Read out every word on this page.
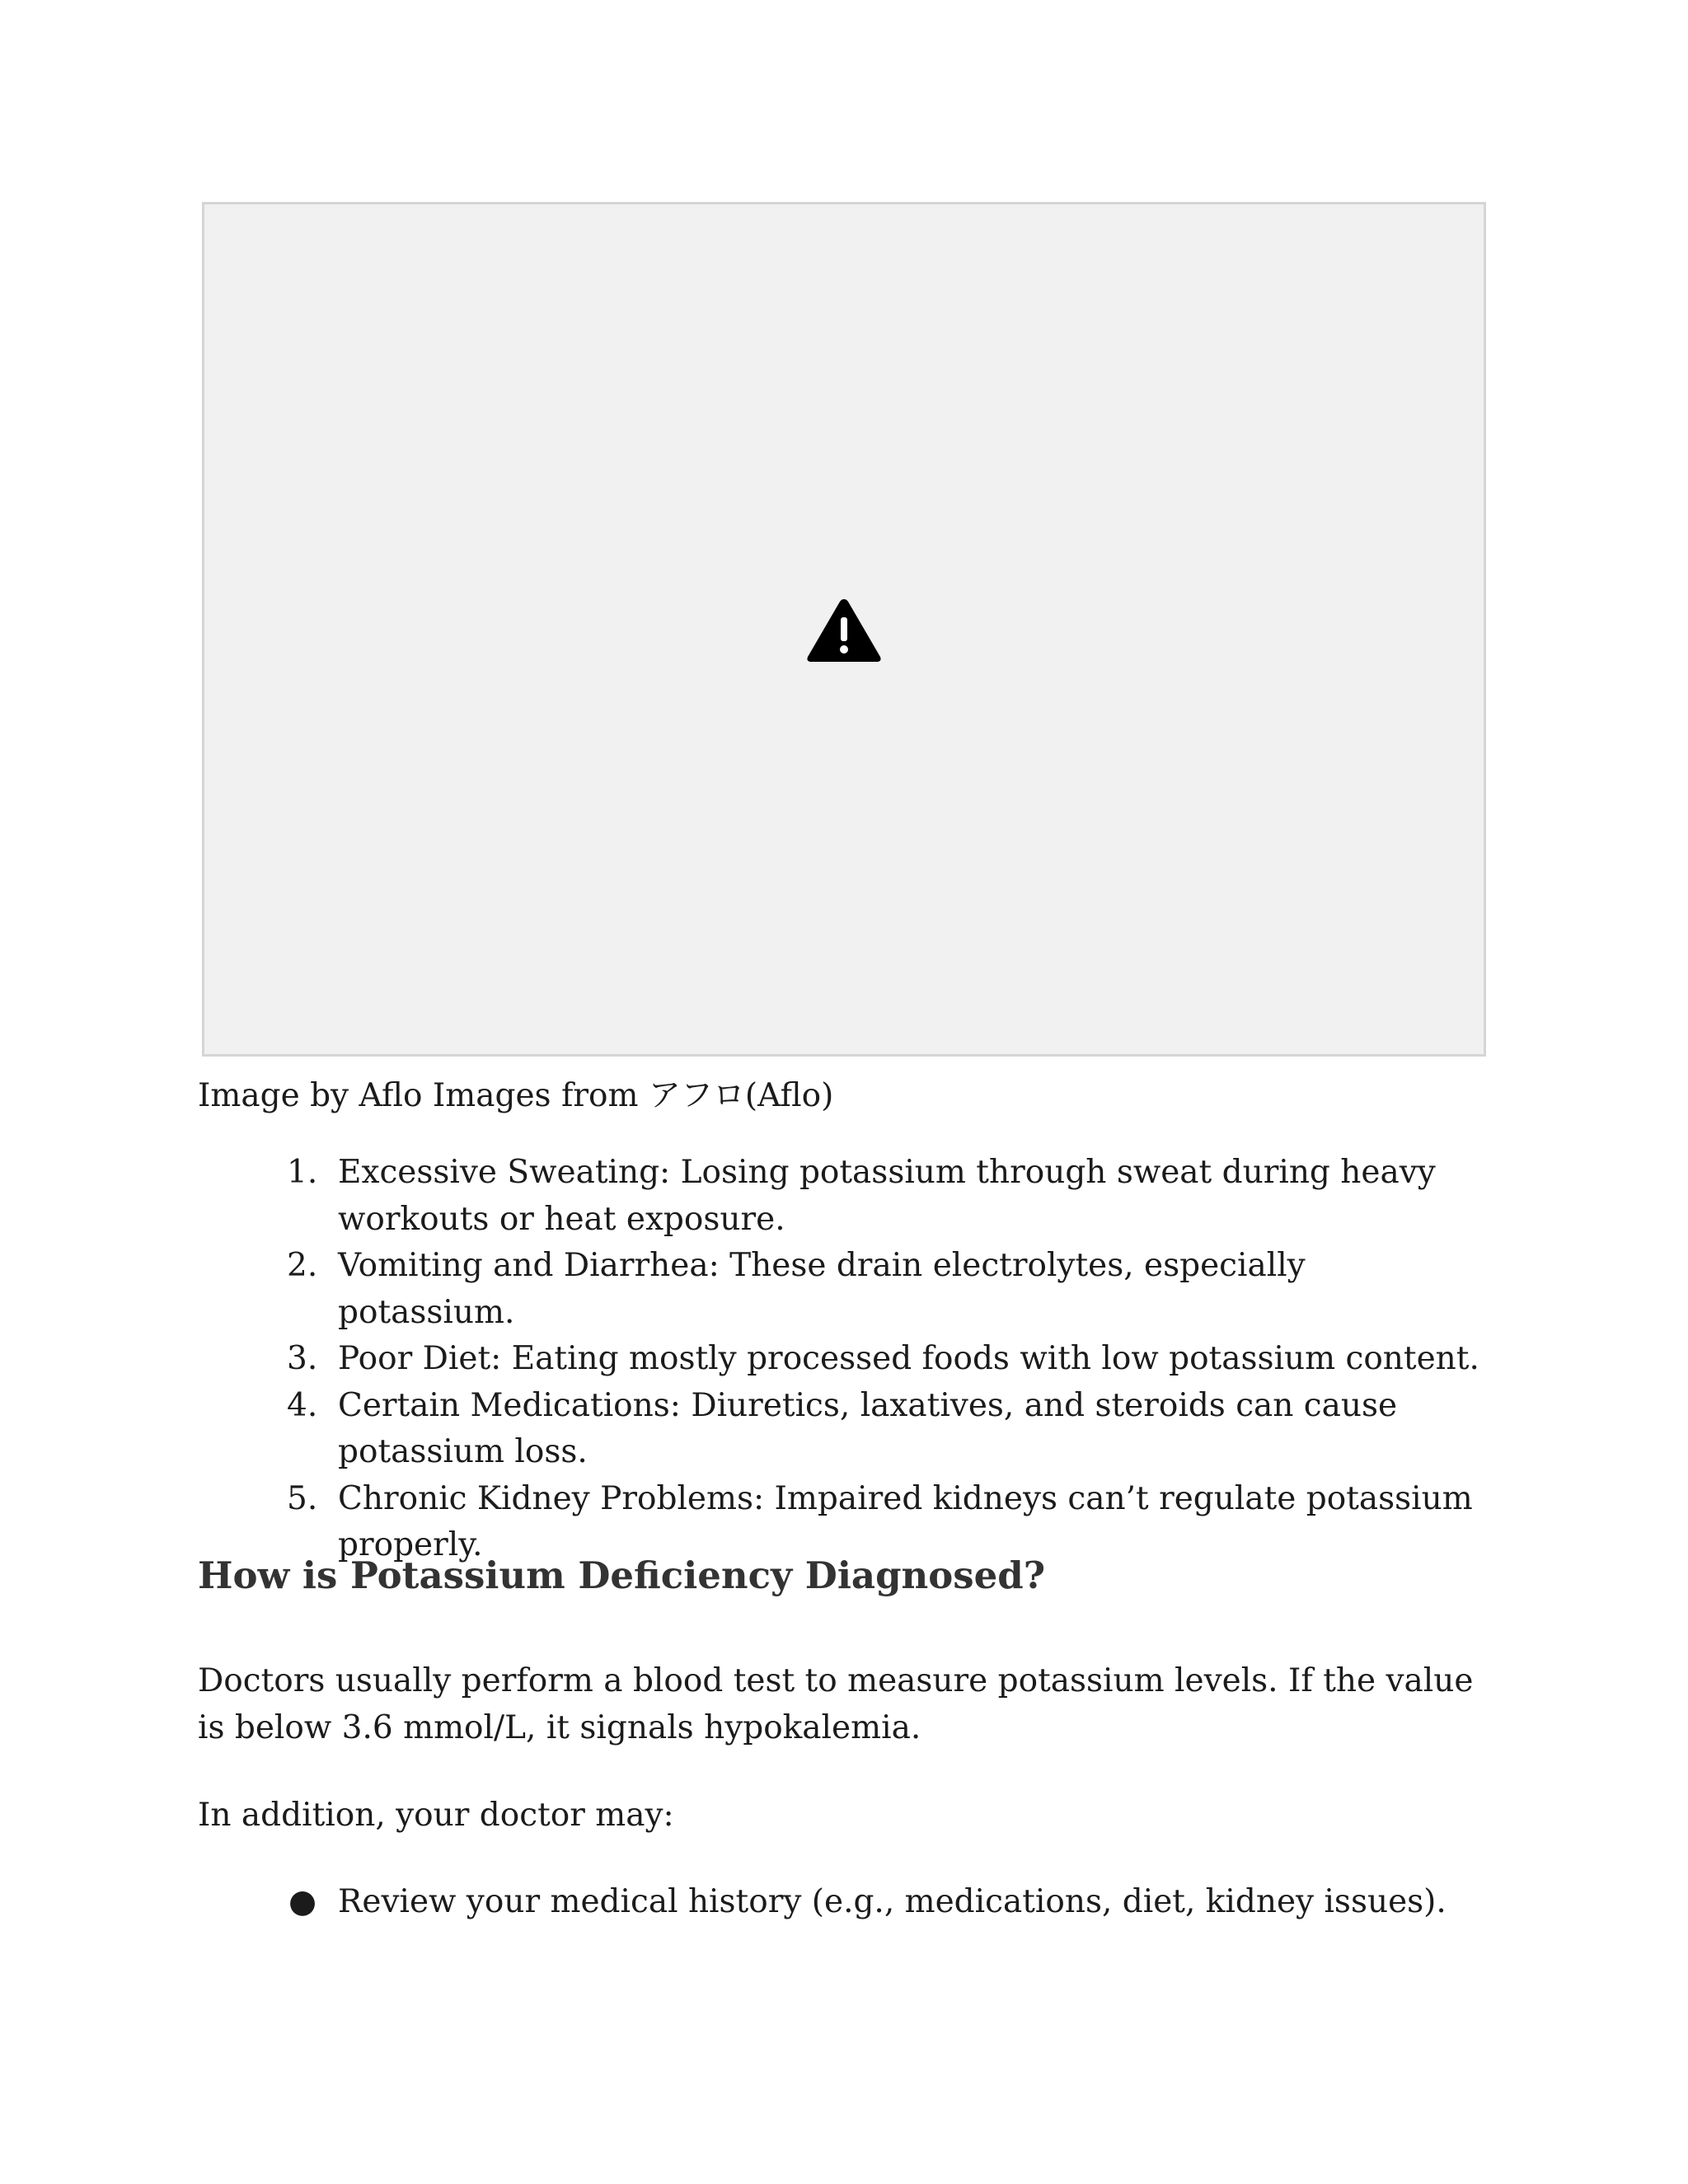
Image by Aflo Images from アフロ(Aflo)
1. Excessive Sweating: Losing potassium through sweat during heavy workouts or heat exposure.
2. Vomiting and Diarrhea: These drain electrolytes, especially potassium.
3. Poor Diet: Eating mostly processed foods with low potassium content.
4. Certain Medications: Diuretics, laxatives, and steroids can cause potassium loss.
5. Chronic Kidney Problems: Impaired kidneys can’t regulate potassium properly.
How is Potassium Deficiency Diagnosed?

Doctors usually perform a blood test to measure potassium levels. If the value is below 3.6 mmol/L, it signals hypokalemia.

In addition, your doctor may:

● Review your medical history (e.g., medications, diet, kidney issues).
